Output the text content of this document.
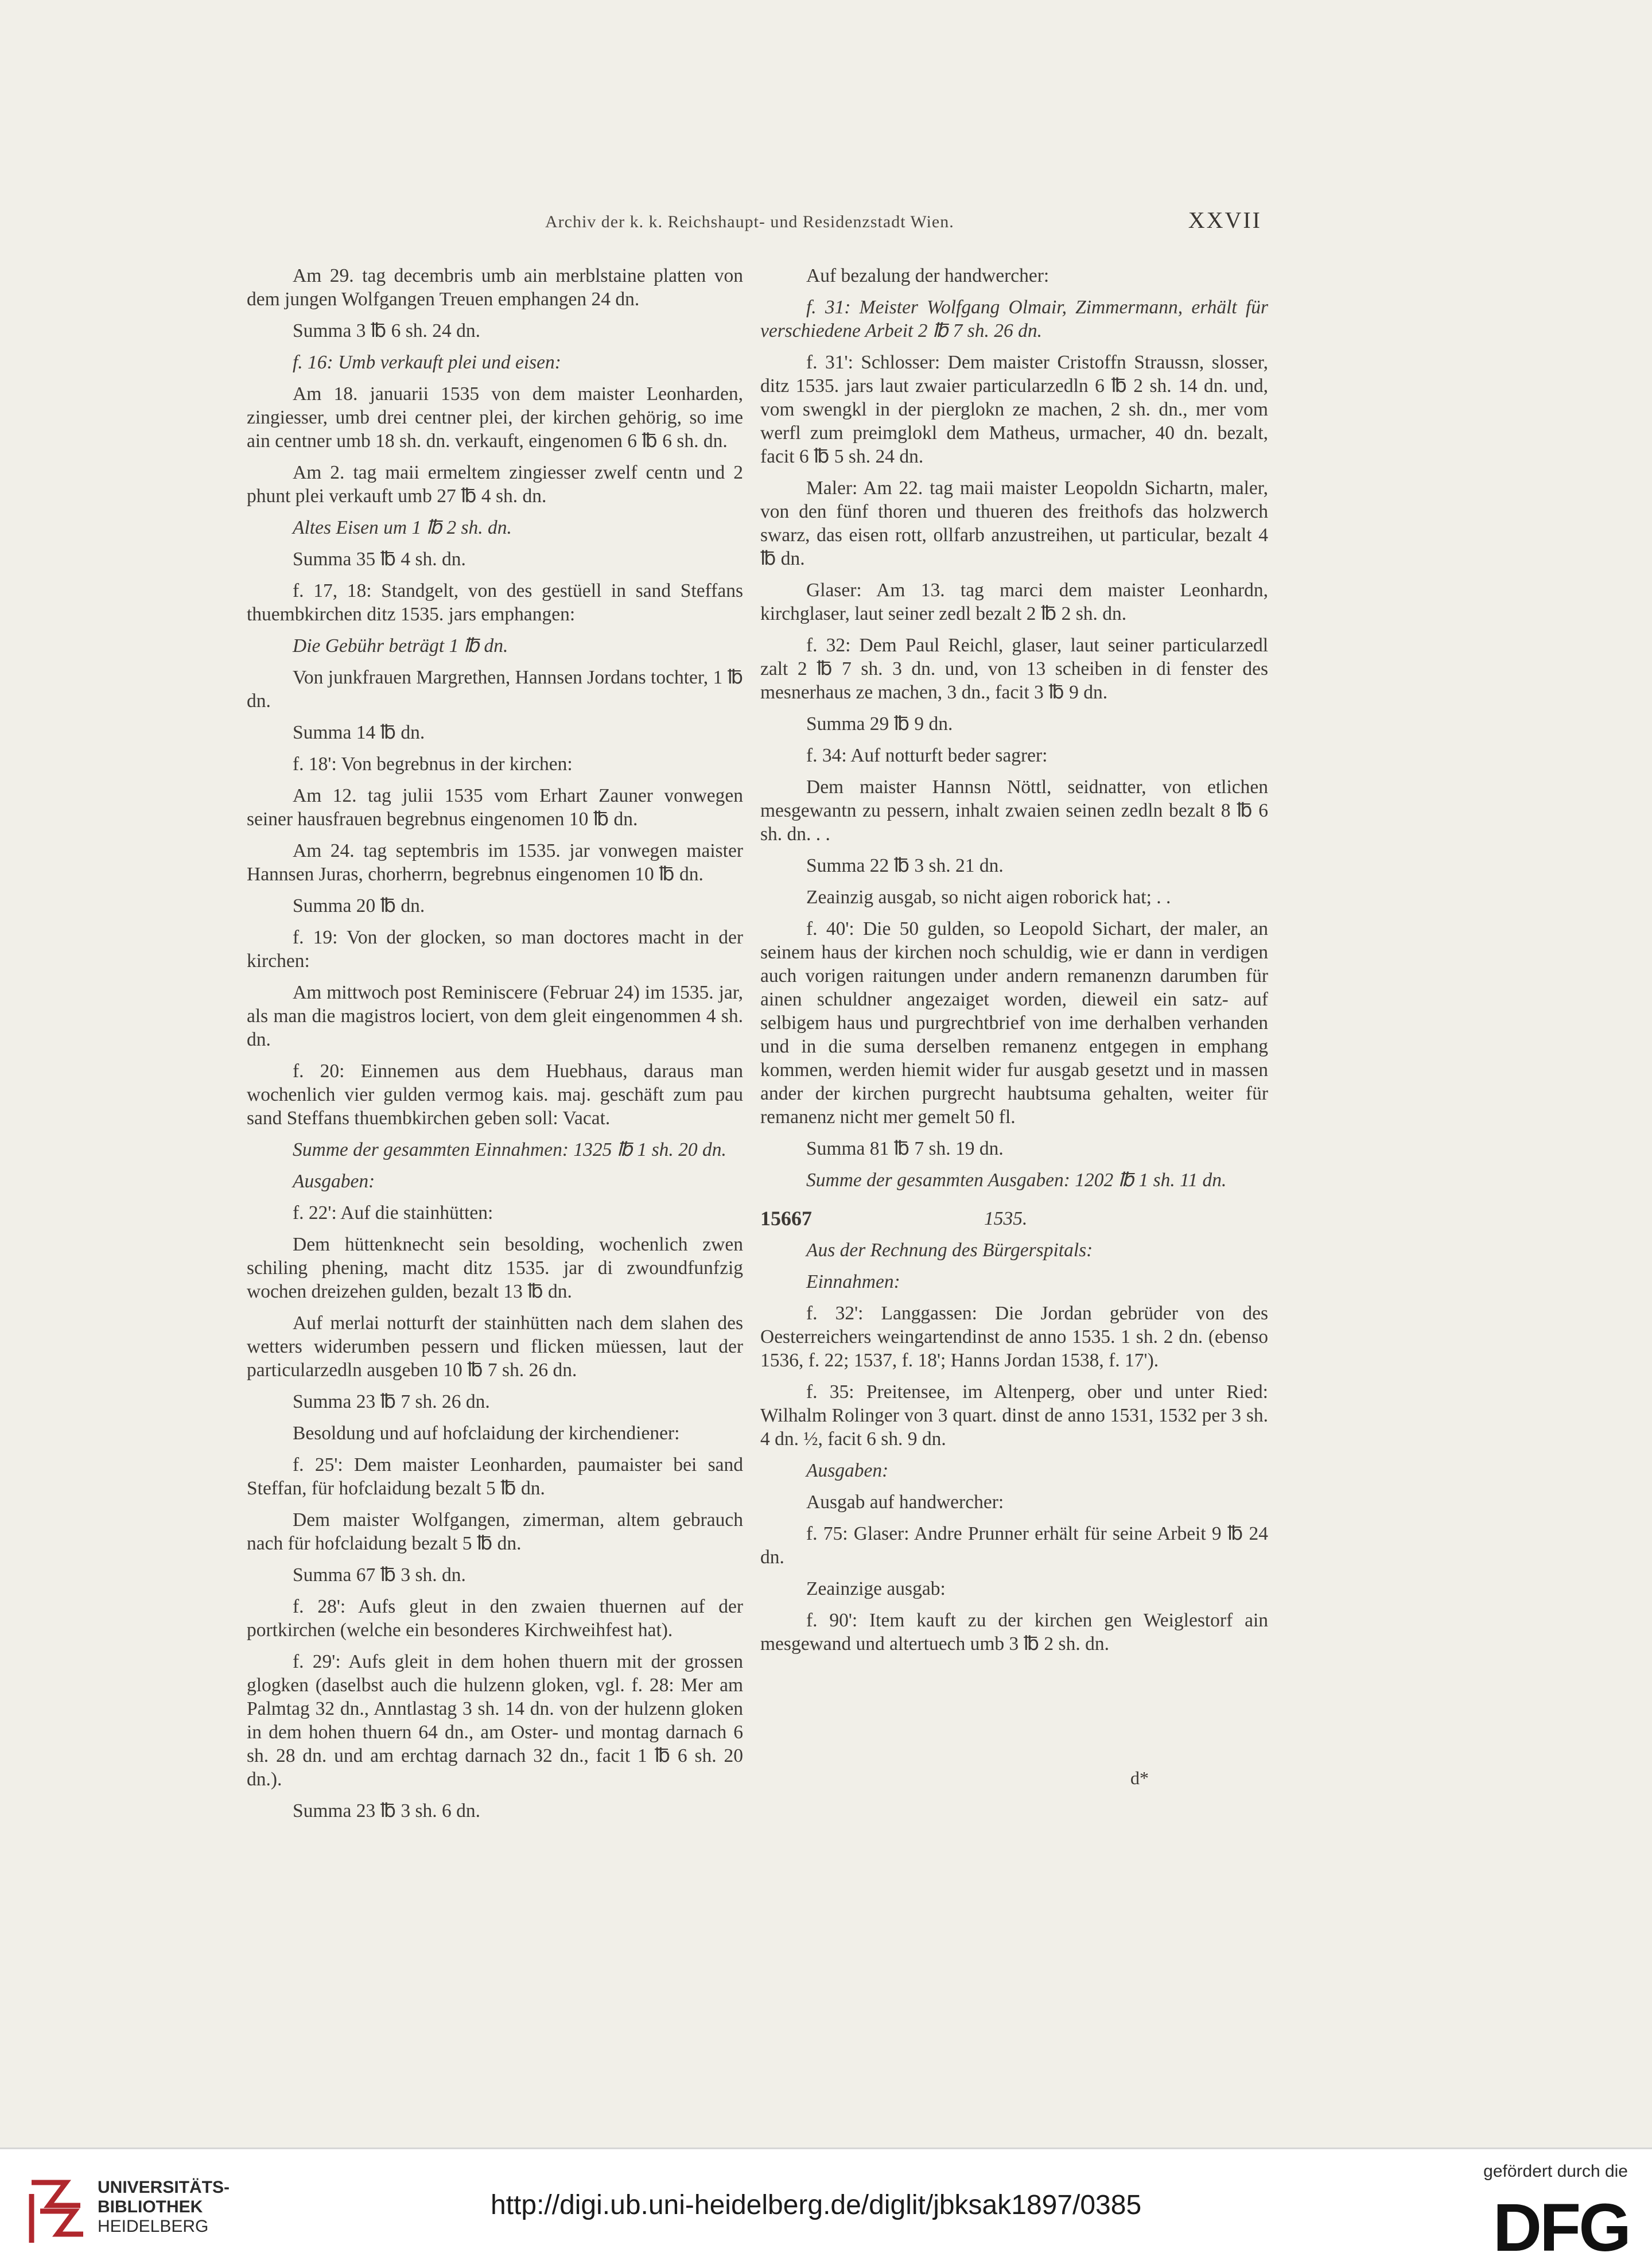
Archiv der k. k. Reichshaupt- und Residenzstadt Wien.	XXVII

Am 29. tag decembris umb ain merblstaine platten von dem jungen Wolfgangen Treuen emphangen 24 dn.

Summa 3 ℔ 6 sh. 24 dn.

f. 16: Umb verkauft plei und eisen:

Am 18. januarii 1535 von dem maister Leonharden, zingiesser, umb drei centner plei, der kirchen gehörig, so ime ain centner umb 18 sh. dn. verkauft, eingenomen 6 ℔ 6 sh. dn.

Am 2. tag maii ermeltem zingiesser zwelf centn und 2 phunt plei verkauft umb 27 ℔ 4 sh. dn.

Altes Eisen um 1 ℔ 2 sh. dn.

Summa 35 ℔ 4 sh. dn.

f. 17, 18: Standgelt, von des gestüell in sand Steffans thuembkirchen ditz 1535. jars emphangen:

Die Gebühr beträgt 1 ℔ dn.

Von junkfrauen Margrethen, Hannsen Jordans tochter, 1 ℔ dn.

Summa 14 ℔ dn.

f. 18': Von begrebnus in der kirchen:

Am 12. tag julii 1535 vom Erhart Zauner vonwegen seiner hausfrauen begrebnus eingenomen 10 ℔ dn.

Am 24. tag septembris im 1535. jar vonwegen maister Hannsen Juras, chorherrn, begrebnus eingenomen 10 ℔ dn.

Summa 20 ℔ dn.

f. 19: Von der glocken, so man doctores macht in der kirchen:

Am mittwoch post Reminiscere (Februar 24) im 1535. jar, als man die magistros lociert, von dem gleit eingenommen 4 sh. dn.

f. 20: Einnemen aus dem Huebhaus, daraus man wochenlich vier gulden vermog kais. maj. geschäft zum pau sand Steffans thuembkirchen geben soll: Vacat.

Summe der gesammten Einnahmen: 1325 ℔ 1 sh. 20 dn.

Ausgaben:

f. 22': Auf die stainhütten:

Dem hüttenknecht sein besolding, wochenlich zwen schiling phening, macht ditz 1535. jar di zwoundfunfzig wochen dreizehen gulden, bezalt 13 ℔ dn.

Auf merlai notturft der stainhütten nach dem slahen des wetters widerumben pessern und flicken müessen, laut der particularzedln ausgeben 10 ℔ 7 sh. 26 dn.

Summa 23 ℔ 7 sh. 26 dn.

Besoldung und auf hofclaidung der kirchendiener:

f. 25': Dem maister Leonharden, paumaister bei sand Steffan, für hofclaidung bezalt 5 ℔ dn.

Dem maister Wolfgangen, zimerman, altem gebrauch nach für hofclaidung bezalt 5 ℔ dn.

Summa 67 ℔ 3 sh. dn.

f. 28': Aufs gleut in den zwaien thuernen auf der portkirchen (welche ein besonderes Kirchweihfest hat).

f. 29': Aufs gleit in dem hohen thuern mit der grossen glogken (daselbst auch die hulzenn gloken, vgl. f. 28: Mer am Palmtag 32 dn., Anntlastag 3 sh. 14 dn. von der hulzenn gloken in dem hohen thuern 64 dn., am Oster- und montag darnach 6 sh. 28 dn. und am erchtag darnach 32 dn., facit 1 ℔ 6 sh. 20 dn.).

Summa 23 ℔ 3 sh. 6 dn.

Auf bezalung der handwercher:

f. 31: Meister Wolfgang Olmair, Zimmermann, erhält für verschiedene Arbeit 2 ℔ 7 sh. 26 dn.

f. 31': Schlosser: Dem maister Cristoffn Straussn, slosser, ditz 1535. jars laut zwaier particularzedln 6 ℔ 2 sh. 14 dn. und, vom swengkl in der pierglokn ze machen, 2 sh. dn., mer vom werfl zum preimglokl dem Matheus, urmacher, 40 dn. bezalt, facit 6 ℔ 5 sh. 24 dn.

Maler: Am 22. tag maii maister Leopoldn Sichartn, maler, von den fünf thoren und thueren des freithofs das holzwerch swarz, das eisen rott, ollfarb anzustreihen, ut particular, bezalt 4 ℔ dn.

Glaser: Am 13. tag marci dem maister Leonhardn, kirchglaser, laut seiner zedl bezalt 2 ℔ 2 sh. dn.

f. 32: Dem Paul Reichl, glaser, laut seiner particularzedl zalt 2 ℔ 7 sh. 3 dn. und, von 13 scheiben in di fenster des mesnerhaus ze machen, 3 dn., facit 3 ℔ 9 dn.

Summa 29 ℔ 9 dn.

f. 34: Auf notturft beder sagrer:

Dem maister Hannsn Nöttl, seidnatter, von etlichen mesgewantn zu pessern, inhalt zwaien seinen zedln bezalt 8 ℔ 6 sh. dn. . .

Summa 22 ℔ 3 sh. 21 dn.

Zeainzig ausgab, so nicht aigen roborick hat; . .

f. 40': Die 50 gulden, so Leopold Sichart, der maler, an seinem haus der kirchen noch schuldig, wie er dann in verdigen auch vorigen raitungen under andern remanenzn darumben für ainen schuldner angezaiget worden, dieweil ein satz- auf selbigem haus und purgrechtbrief von ime derhalben verhanden und in die suma derselben remanenz entgegen in emphang kommen, werden hiemit wider fur ausgab gesetzt und in massen ander der kirchen purgrecht haubtsuma gehalten, weiter für remanenz nicht mer gemelt 50 fl.

Summa 81 ℔ 7 sh. 19 dn.

Summe der gesammten Ausgaben: 1202 ℔ 1 sh. 11 dn.

15667	1535.

Aus der Rechnung des Bürgerspitals:

Einnahmen:

f. 32': Langgassen: Die Jordan gebrüder von des Oesterreichers weingartendinst de anno 1535. 1 sh. 2 dn. (ebenso 1536, f. 22; 1537, f. 18'; Hanns Jordan 1538, f. 17').

f. 35: Preitensee, im Altenperg, ober und unter Ried: Wilhalm Rolinger von 3 quart. dinst de anno 1531, 1532 per 3 sh. 4 dn. ½, facit 6 sh. 9 dn.

Ausgaben:

Ausgab auf handwercher:

f. 75: Glaser: Andre Prunner erhält für seine Arbeit 9 ℔ 24 dn.

Zeainzige ausgab:

f. 90': Item kauft zu der kirchen gen Weiglestorf ain mesgewand und altertuech umb 3 ℔ 2 sh. dn.

d*
UNIVERSITÄTS-
BIBLIOTHEK
HEIDELBERG
http://digi.ub.uni-heidelberg.de/diglit/jbksak1897/0385
gefördert durch die
DFG
